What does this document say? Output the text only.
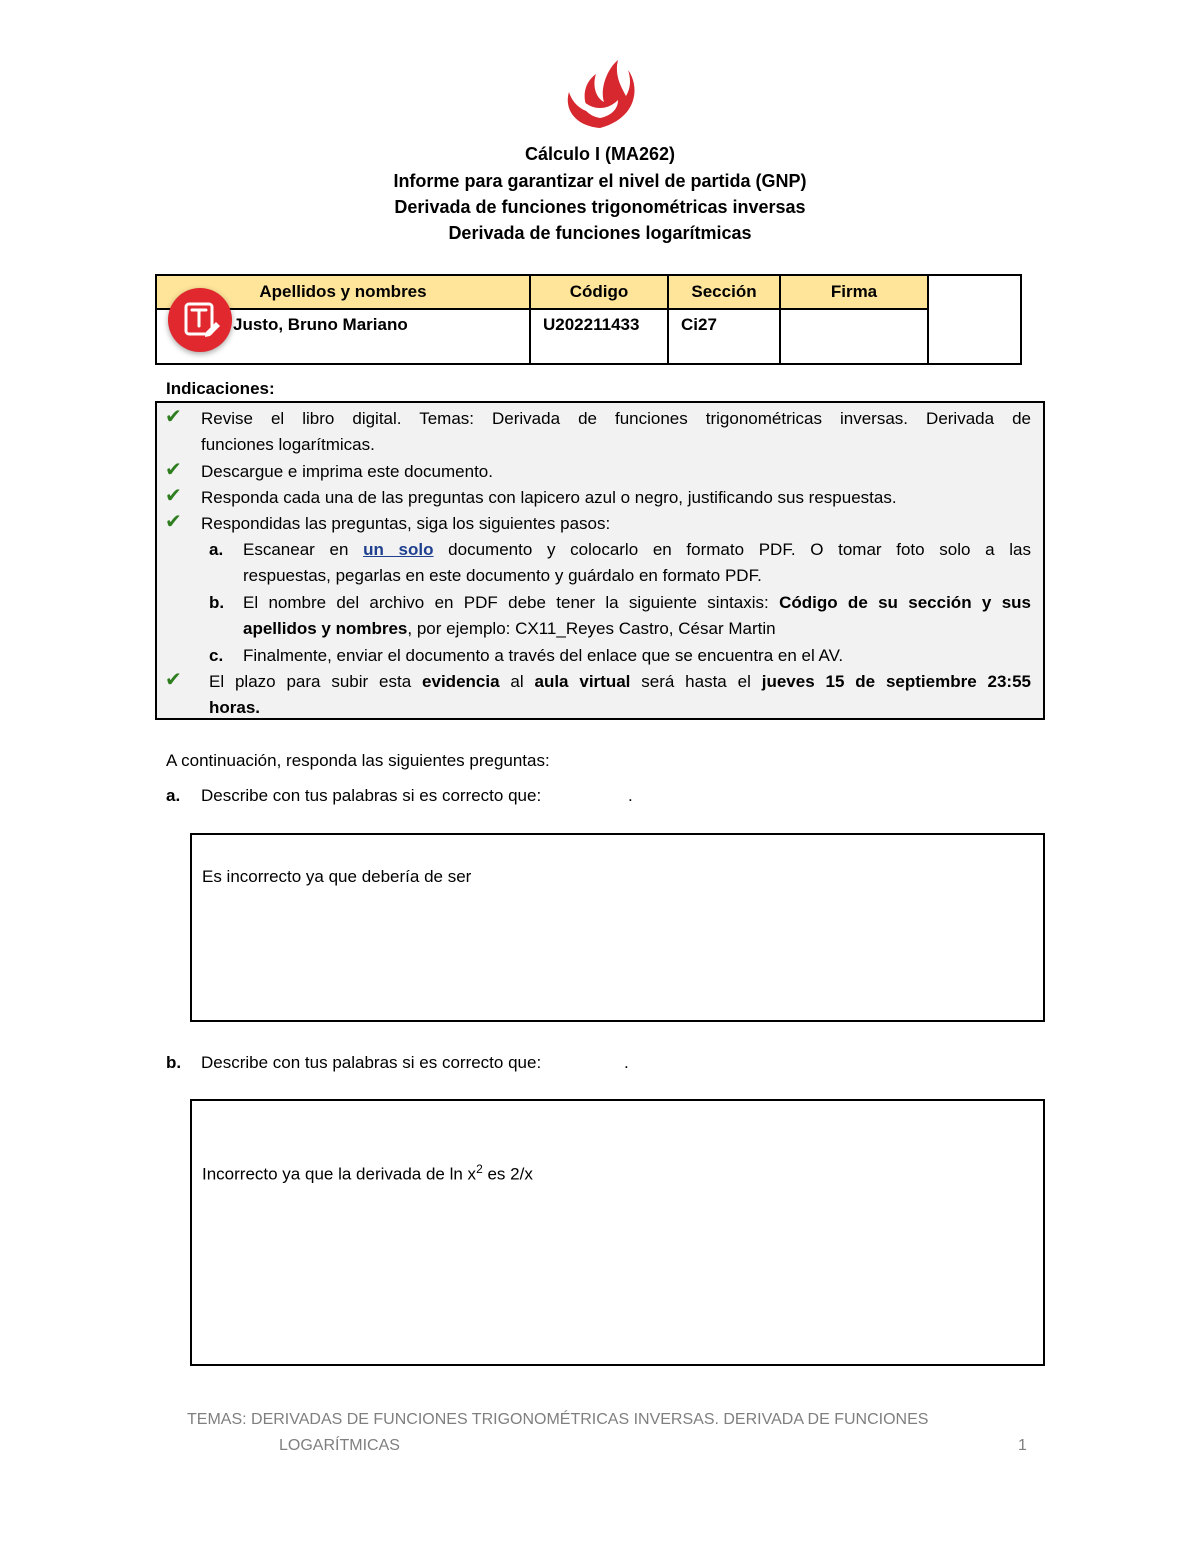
Cálculo I (MA262)
Informe para garantizar el nivel de partida (GNP)
Derivada de funciones trigonométricas inversas
Derivada de funciones logarítmicas
Apellidos y nombres	Código	Sección	Firma
Justo, Bruno Mariano	U202211433	Ci27
Indicaciones:
✔ Revise el libro digital. Temas: Derivada de funciones trigonométricas inversas. Derivada de
funciones logarítmicas.
✔ Descargue e imprima este documento.
✔ Responda cada una de las preguntas con lapicero azul o negro, justificando sus respuestas.
✔ Respondidas las preguntas, siga los siguientes pasos:
a. Escanear en un solo documento y colocarlo en formato PDF. O tomar foto solo a las
respuestas, pegarlas en este documento y guárdalo en formato PDF.
b. El nombre del archivo en PDF debe tener la siguiente sintaxis: Código de su sección y sus
apellidos y nombres, por ejemplo: CX11_Reyes Castro, César Martin
c. Finalmente, enviar el documento a través del enlace que se encuentra en el AV.
✔ El plazo para subir esta evidencia al aula virtual será hasta el jueves 15 de septiembre 23:55
horas.
A continuación, responda las siguientes preguntas:
a. Describe con tus palabras si es correcto que:	.
Es incorrecto ya que debería de ser
b. Describe con tus palabras si es correcto que:	.
Incorrecto ya que la derivada de $\ln x^2$ es 2/x
TEMAS: DERIVADAS DE FUNCIONES TRIGONOMÉTRICAS INVERSAS. DERIVADA DE FUNCIONES
LOGARÍTMICAS	1
